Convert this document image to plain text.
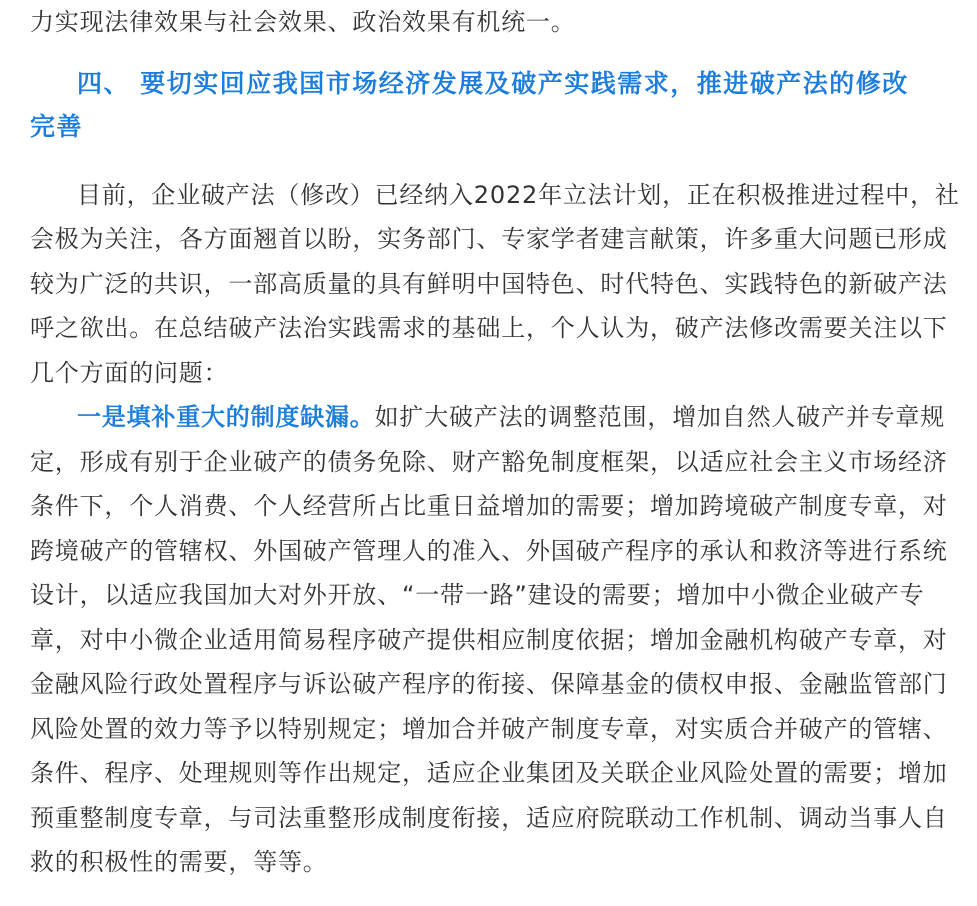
力实现法律效果与社会效果、政治效果有机统一。
四、 要切实回应我国市场经济发展及破产实践需求，推进破产法的修改
完善
目前，企业破产法（修改）已经纳入2022年立法计划，正在积极推进过程中，社
会极为关注，各方面翘首以盼，实务部门、专家学者建言献策，许多重大问题已形成
较为广泛的共识，一部高质量的具有鲜明中国特色、时代特色、实践特色的新破产法
呼之欲出。在总结破产法治实践需求的基础上，个人认为，破产法修改需要关注以下
几个方面的问题：
一是填补重大的制度缺漏。如扩大破产法的调整范围，增加自然人破产并专章规
定，形成有别于企业破产的债务免除、财产豁免制度框架，以适应社会主义市场经济
条件下，个人消费、个人经营所占比重日益增加的需要；增加跨境破产制度专章，对
跨境破产的管辖权、外国破产管理人的准入、外国破产程序的承认和救济等进行系统
设计，以适应我国加大对外开放、“一带一路”建设的需要；增加中小微企业破产专
章，对中小微企业适用简易程序破产提供相应制度依据；增加金融机构破产专章，对
金融风险行政处置程序与诉讼破产程序的衔接、保障基金的债权申报、金融监管部门
风险处置的效力等予以特别规定；增加合并破产制度专章，对实质合并破产的管辖、
条件、程序、处理规则等作出规定，适应企业集团及关联企业风险处置的需要；增加
预重整制度专章，与司法重整形成制度衔接，适应府院联动工作机制、调动当事人自
救的积极性的需要，等等。
